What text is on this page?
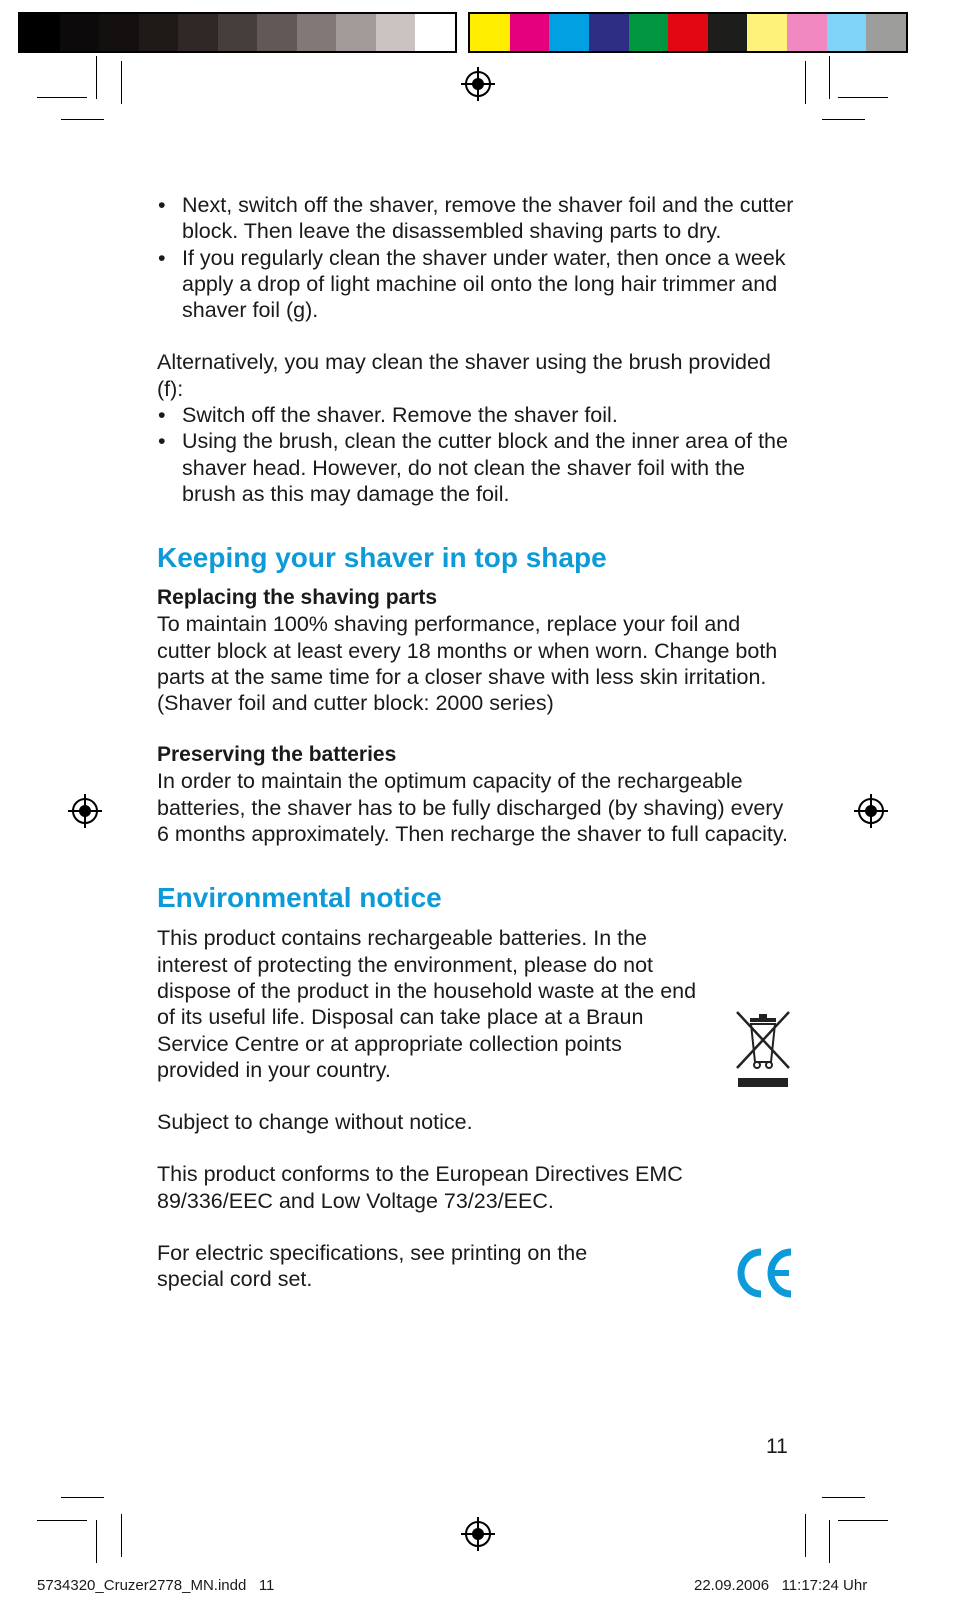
• Next, switch off the shaver, remove the shaver foil and the cutter block. Then leave the disassembled shaving parts to dry.
• If you regularly clean the shaver under water, then once a week apply a drop of light machine oil onto the long hair trimmer and shaver foil (g).

Alternatively, you may clean the shaver using the brush provided (f):

• Switch off the shaver. Remove the shaver foil.
• Using the brush, clean the cutter block and the inner area of the shaver head. However, do not clean the shaver foil with the brush as this may damage the foil.
Keeping your shaver in top shape
Replacing the shaving parts

To maintain 100% shaving performance, replace your foil and cutter block at least every 18 months or when worn. Change both parts at the same time for a closer shave with less skin irritation.

(Shaver foil and cutter block: 2000 series)

Preserving the batteries

In order to maintain the optimum capacity of the rechargeable batteries, the shaver has to be fully discharged (by shaving) every 6 months approximately. Then recharge the shaver to full capacity.

Environmental notice

This product contains rechargeable batteries. In the interest of protecting the environment, please do not dispose of the product in the household waste at the end of its useful life. Disposal can take place at a Braun Service Centre or at appropriate collection points provided in your country.

Subject to change without notice.

This product conforms to the European Directives EMC 89/336/EEC and Low Voltage 73/23/EEC.

For electric specifications, see printing on the special cord set.

11
5734320_Cruzer2778_MN.indd   11	22.09.2006   11:17:24 Uhr
